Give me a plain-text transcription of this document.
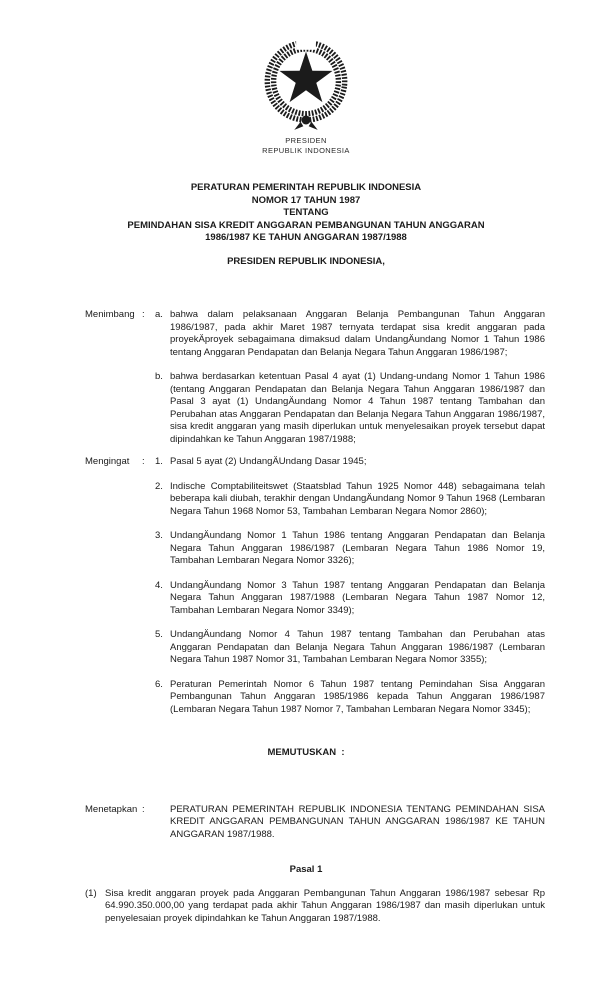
PRESIDEN
REPUBLIK INDONESIA
PERATURAN PEMERINTAH REPUBLIK INDONESIA
NOMOR 17 TAHUN 1987
TENTANG
PEMINDAHAN SISA KREDIT ANGGARAN PEMBANGUNAN TAHUN ANGGARAN
1986/1987 KE TAHUN ANGGARAN 1987/1988
PRESIDEN REPUBLIK INDONESIA,
Menimbang :	a. bahwa dalam pelaksanaan Anggaran Belanja Pembangunan Tahun Anggaran 1986/1987, pada akhir Maret 1987 ternyata terdapat sisa kredit anggaran pada proyekÄproyek sebagaimana dimaksud dalam UndangÄundang Nomor 1 Tahun 1986 tentang Anggaran Pendapatan dan Belanja Negara Tahun Anggaran 1986/1987;
b. bahwa berdasarkan ketentuan Pasal 4 ayat (1) Undang-undang Nomor 1 Tahun 1986 (tentang Anggaran Pendapatan dan Belanja Negara Tahun Anggaran 1986/1987 dan Pasal 3 ayat (1) UndangÄundang Nomor 4 Tahun 1987 tentang Tambahan dan Perubahan atas Anggaran Pendapatan dan Belanja Negara Tahun Anggaran 1986/1987, sisa kredit anggaran yang masih diperlukan untuk menyelesaikan proyek tersebut dapat dipindahkan ke Tahun Anggaran 1987/1988;
Mengingat	:	1. Pasal 5 ayat (2) UndangÄUndang Dasar 1945;
2. Indische Comptabiliteitswet (Staatsblad Tahun 1925 Nomor 448) sebagaimana telah beberapa kali diubah, terakhir dengan UndangÄundang Nomor 9 Tahun 1968 (Lembaran Negara Tahun 1968 Nomor 53, Tambahan Lembaran Negara Nomor 2860);
3. UndangÄundang Nomor 1 Tahun 1986 tentang Anggaran Pendapatan dan Belanja Negara Tahun Anggaran 1986/1987 (Lembaran Negara Tahun 1986 Nomor 19, Tambahan Lembaran Negara Nomor 3326);
4. UndangÄundang Nomor 3 Tahun 1987 tentang Anggaran Pendapatan dan Belanja Negara Tahun Anggaran 1987/1988 (Lembaran Negara Tahun 1987 Nomor 12, Tambahan Lembaran Negara Nomor 3349);
5. UndangÄundang Nomor 4 Tahun 1987 tentang Tambahan dan Perubahan atas Anggaran Pendapatan dan Belanja Negara Tahun Anggaran 1986/1987 (Lembaran Negara Tahun 1987 Nomor 31, Tambahan Lembaran Negara Nomor 3355);
6. Peraturan Pemerintah Nomor 6 Tahun 1987 tentang Pemindahan Sisa Anggaran Pembangunan Tahun Anggaran 1985/1986 kepada Tahun Anggaran 1986/1987 (Lembaran Negara Tahun 1987 Nomor 7, Tambahan Lembaran Negara Nomor 3345);
MEMUTUSKAN  :
Menetapkan :	PERATURAN PEMERINTAH REPUBLIK INDONESIA TENTANG PEMINDAHAN SISA KREDIT ANGGARAN PEMBANGUNAN TAHUN ANGGARAN 1986/1987 KE TAHUN ANGGARAN 1987/1988.
Pasal 1
(1) Sisa kredit anggaran proyek pada Anggaran Pembangunan Tahun Anggaran 1986/1987 sebesar Rp 64.990.350.000,00 yang terdapat pada akhir Tahun Anggaran 1986/1987 dan masih diperlukan untuk penyelesaian proyek dipindahkan ke Tahun Anggaran 1987/1988.
